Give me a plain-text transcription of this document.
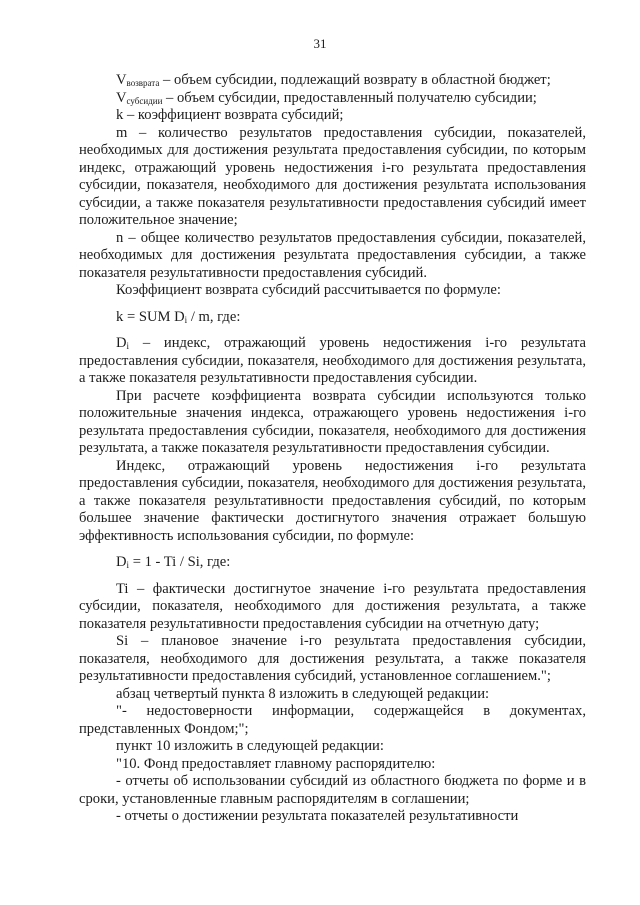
31

$V_{возврата}$ – объем субсидии, подлежащий возврату в областной бюджет;

$V_{субсидии}$ – объем субсидии, предоставленный получателю субсидии;

k – коэффициент возврата субсидий;

m – количество результатов предоставления субсидии, показателей, необходимых для достижения результата предоставления субсидии, по которым индекс, отражающий уровень недостижения i-го результата предоставления субсидии, показателя, необходимого для достижения результата использования субсидии, а также показателя результативности предоставления субсидий имеет положительное значение;

n – общее количество результатов предоставления субсидии, показателей, необходимых для достижения результата предоставления субсидии, а также показателя результативности предоставления субсидий.

Коэффициент возврата субсидий рассчитывается по формуле:

k = SUM Di / m, где:

Di – индекс, отражающий уровень недостижения i-го результата предоставления субсидии, показателя, необходимого для достижения результата, а также показателя результативности предоставления субсидии.

При расчете коэффициента возврата субсидии используются только положительные значения индекса, отражающего уровень недостижения i-го результата предоставления субсидии, показателя, необходимого для достижения результата, а также показателя результативности предоставления субсидии.

Индекс, отражающий уровень недостижения i-го результата предоставления субсидии, показателя, необходимого для достижения результата, а также показателя результативности предоставления субсидий, по которым большее значение фактически достигнутого значения отражает большую эффективность использования субсидии, по формуле:

Di = 1 - Ti / Si, где:

Ti – фактически достигнутое значение i-го результата предоставления субсидии, показателя, необходимого для достижения результата, а также показателя результативности предоставления субсидии на отчетную дату;

Si – плановое значение i-го результата предоставления субсидии, показателя, необходимого для достижения результата, а также показателя результативности предоставления субсидий, установленное соглашением.";

абзац четвертый пункта 8 изложить в следующей редакции:

"- недостоверности информации, содержащейся в документах, представленных Фондом;";

пункт 10 изложить в следующей редакции:

"10. Фонд предоставляет главному распорядителю:

- отчеты об использовании субсидий из областного бюджета по форме и в сроки, установленные главным распорядителям в соглашении;

- отчеты о достижении результата показателей результативности
